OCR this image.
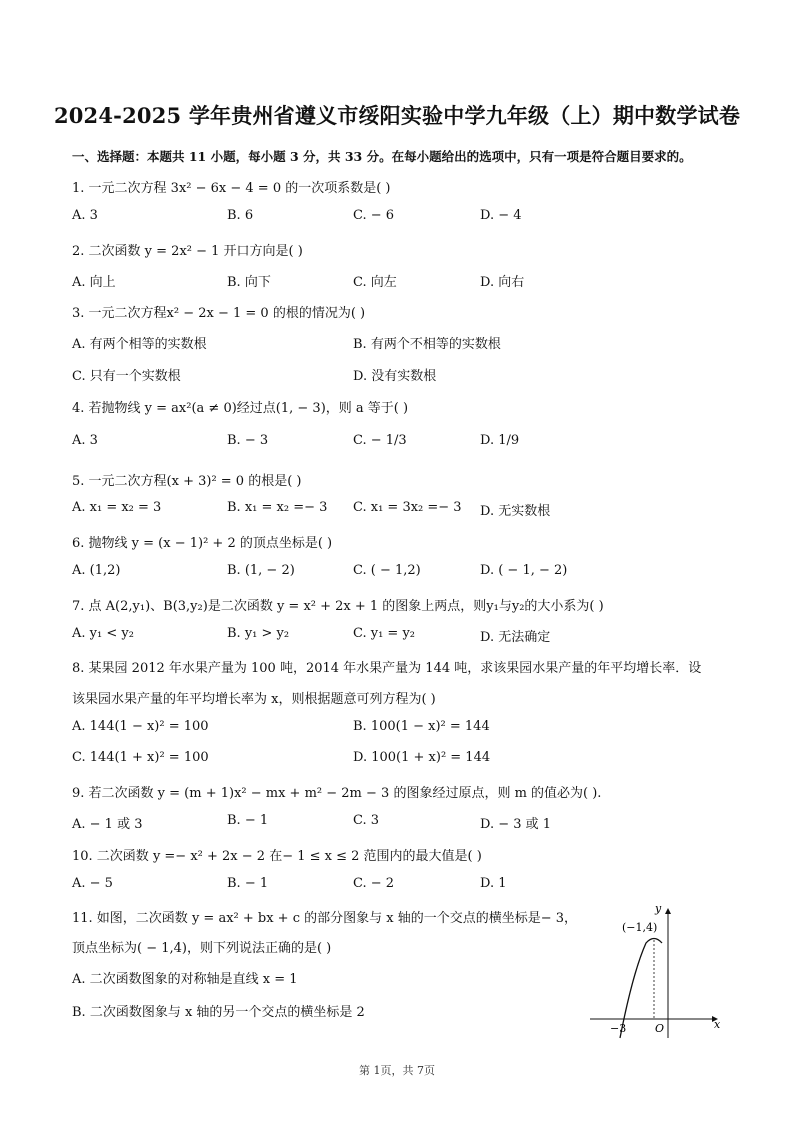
2024-2025 学年贵州省遵义市绥阳实验中学九年级（上）期中数学试卷
一、选择题：本题共 11 小题，每小题 3 分，共 33 分。在每小题给出的选项中，只有一项是符合题目要求的。
1. 一元二次方程 3x² − 6x − 4 = 0 的一次项系数是( )
A. 3	B. 6	C. − 6	D. − 4
2. 二次函数 y = 2x² − 1 开口方向是( )
A. 向上	B. 向下	C. 向左	D. 向右
3. 一元二次方程x² − 2x − 1 = 0 的根的情况为( )
A. 有两个相等的实数根	B. 有两个不相等的实数根
C. 只有一个实数根	D. 没有实数根
4. 若抛物线 y = ax²(a ≠ 0)经过点(1, − 3)，则 a 等于( )
A. 3	B. − 3	C. − 1/3	D. 1/9
5. 一元二次方程(x + 3)² = 0 的根是( )
A. x₁ = x₂ = 3	B. x₁ = x₂ =− 3 C. x₁ = 3x₂ =− 3 D. 无实数根
6. 抛物线 y = (x − 1)² + 2 的顶点坐标是( )
A. (1,2)	B. (1, − 2)	C. ( − 1,2)	D. ( − 1, − 2)
7. 点 A(2,y₁)、B(3,y₂)是二次函数 y = x² + 2x + 1 的图象上两点，则y₁与y₂的大小系为( )
A. y₁ < y₂	B. y₁ > y₂	C. y₁ = y₂	D. 无法确定
8. 某果园 2012 年水果产量为 100 吨，2014 年水果产量为 144 吨，求该果园水果产量的年平均增长率．设
该果园水果产量的年平均增长率为 x，则根据题意可列方程为( )
A. 144(1 − x)² = 100	B. 100(1 − x)² = 144
C. 144(1 + x)² = 100	D. 100(1 + x)² = 144
9. 若二次函数 y = (m + 1)x² − mx + m² − 2m − 3 的图象经过原点，则 m 的值必为( ).
A. − 1 或 3	B. − 1	C. 3	D. − 3 或 1
10. 二次函数 y =− x² + 2x − 2 在− 1 ≤ x ≤ 2 范围内的最大值是( )
A. − 5	B. − 1	C. − 2	D. 1
11. 如图，二次函数 y = ax² + bx + c 的部分图象与 x 轴的一个交点的横坐标是− 3，
顶点坐标为( − 1,4)，则下列说法正确的是( )
A. 二次函数图象的对称轴是直线 x = 1
B. 二次函数图象与 x 轴的另一个交点的横坐标是 2
(−1,4)
−3	O	x
y
第 1页，共 7页
